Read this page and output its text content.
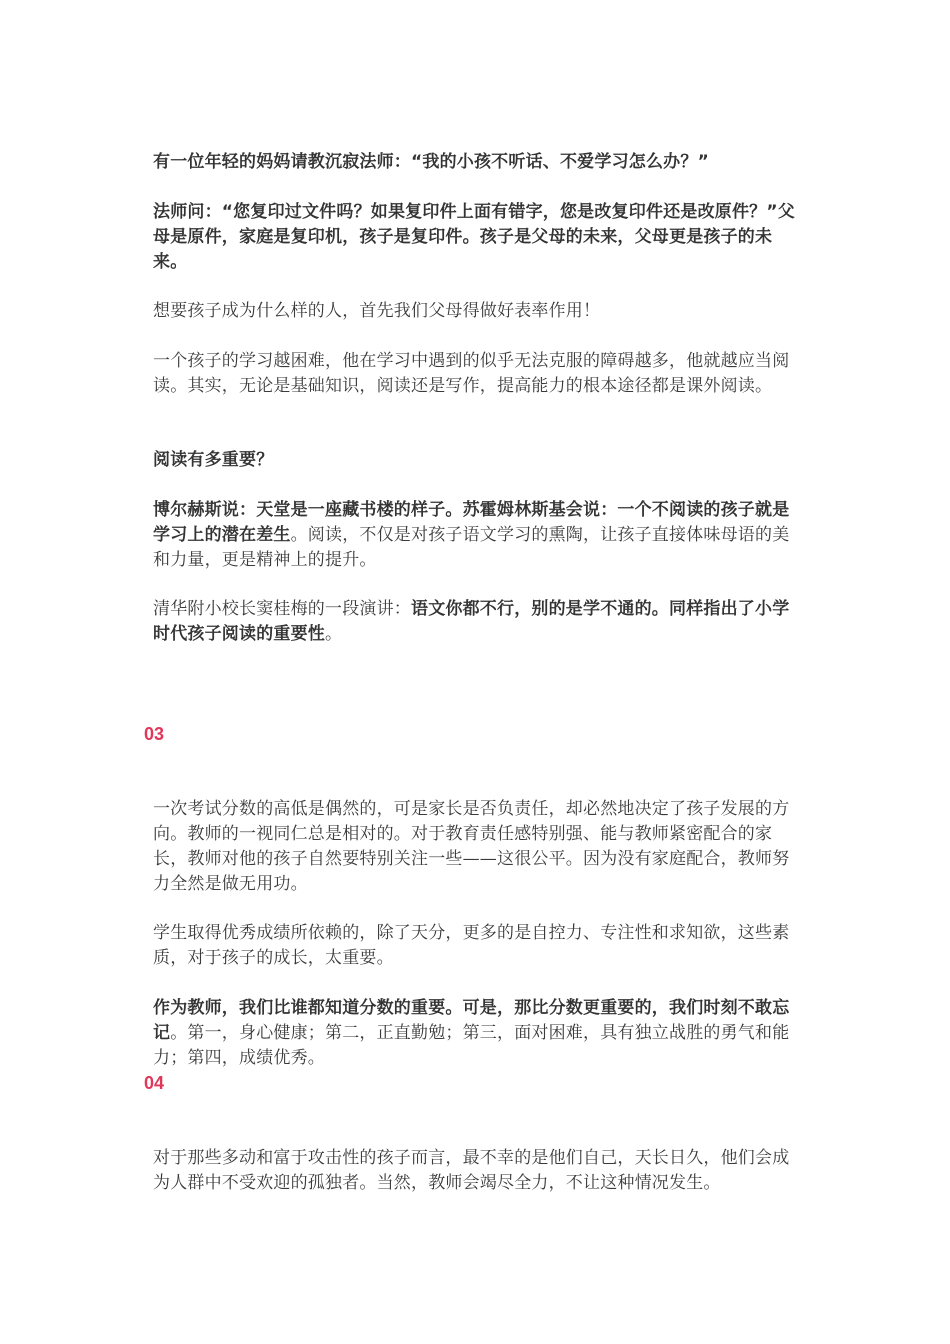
有一位年轻的妈妈请教沉寂法师：“我的小孩不听话、不爱学习怎么办？”

法师问：“您复印过文件吗？如果复印件上面有错字，您是改复印件还是改原件？”父母是原件，家庭是复印机，孩子是复印件。孩子是父母的未来，父母更是孩子的未来。

想要孩子成为什么样的人，首先我们父母得做好表率作用！

一个孩子的学习越困难，他在学习中遇到的似乎无法克服的障碍越多，他就越应当阅读。其实，无论是基础知识，阅读还是写作，提高能力的根本途径都是课外阅读。

阅读有多重要？

博尔赫斯说：天堂是一座藏书楼的样子。苏霍姆林斯基会说：一个不阅读的孩子就是学习上的潜在差生。阅读，不仅是对孩子语文学习的熏陶，让孩子直接体味母语的美和力量，更是精神上的提升。

清华附小校长窦桂梅的一段演讲：语文你都不行，别的是学不通的。同样指出了小学时代孩子阅读的重要性。

03

一次考试分数的高低是偶然的，可是家长是否负责任，却必然地决定了孩子发展的方向。教师的一视同仁总是相对的。对于教育责任感特别强、能与教师紧密配合的家长，教师对他的孩子自然要特别关注一些——这很公平。因为没有家庭配合，教师努力全然是做无用功。

学生取得优秀成绩所依赖的，除了天分，更多的是自控力、专注性和求知欲，这些素质，对于孩子的成长，太重要。

作为教师，我们比谁都知道分数的重要。可是，那比分数更重要的，我们时刻不敢忘记。第一，身心健康；第二，正直勤勉；第三，面对困难，具有独立战胜的勇气和能力；第四，成绩优秀。

04

对于那些多动和富于攻击性的孩子而言，最不幸的是他们自己，天长日久，他们会成为人群中不受欢迎的孤独者。当然，教师会竭尽全力，不让这种情况发生。
